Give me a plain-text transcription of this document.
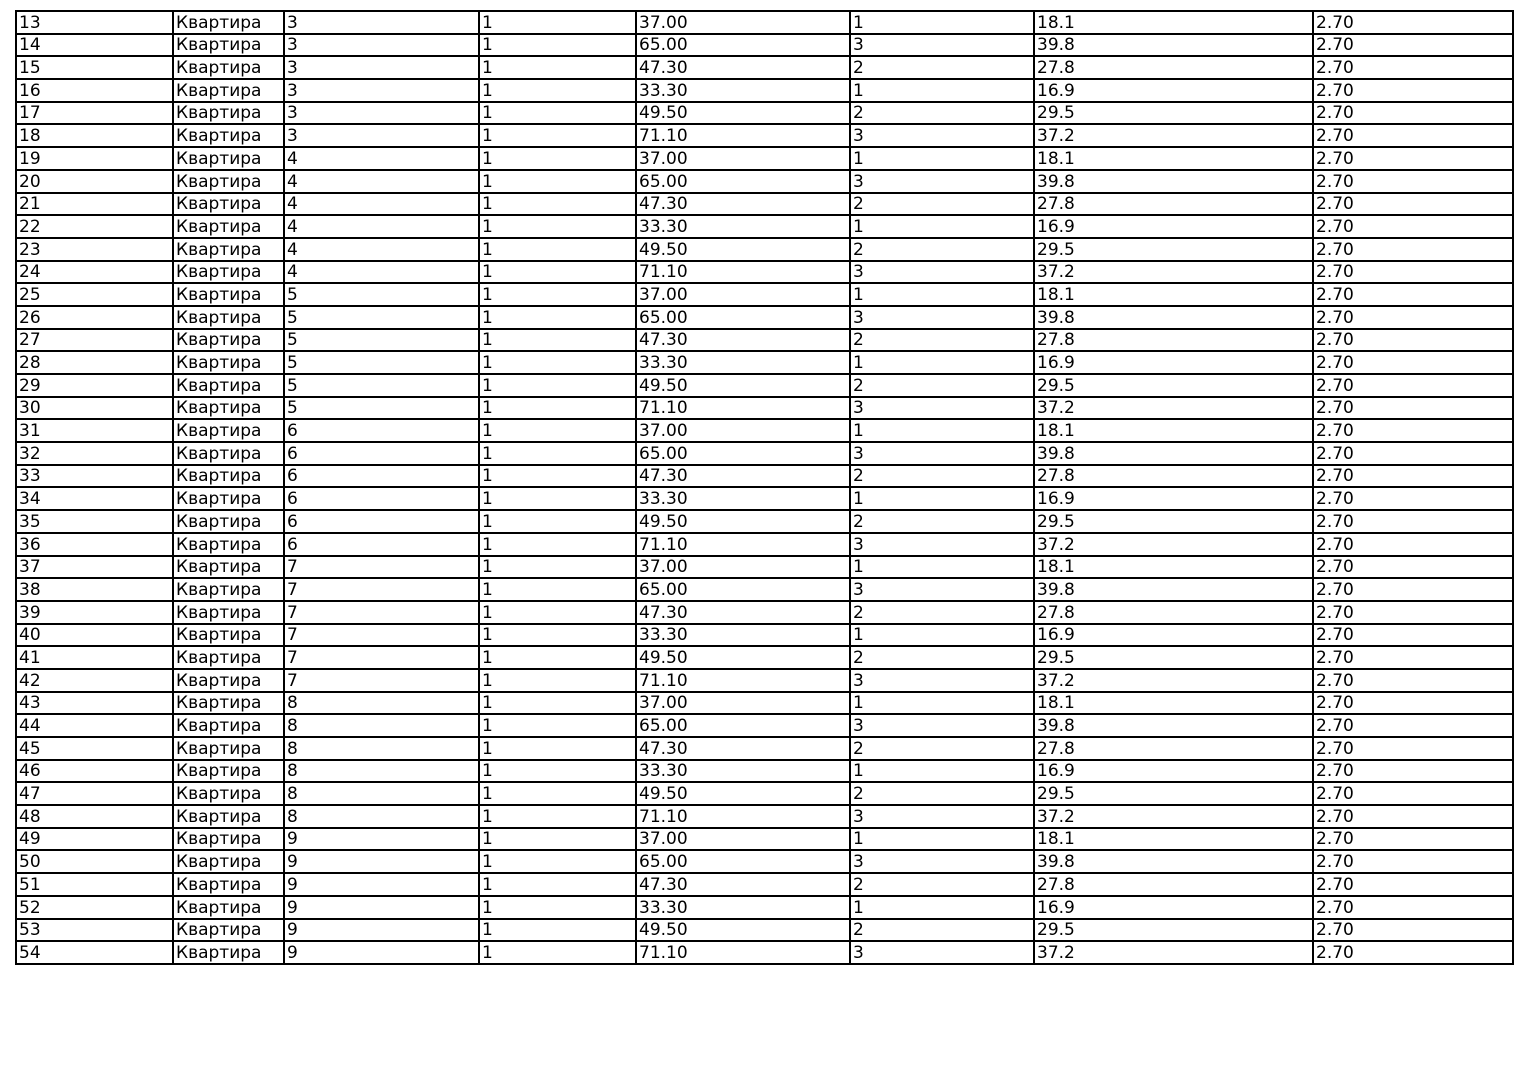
13	Квартира	3	1	37.00	1	18.1	2.70
14	Квартира	3	1	65.00	3	39.8	2.70
15	Квартира	3	1	47.30	2	27.8	2.70
16	Квартира	3	1	33.30	1	16.9	2.70
17	Квартира	3	1	49.50	2	29.5	2.70
18	Квартира	3	1	71.10	3	37.2	2.70
19	Квартира	4	1	37.00	1	18.1	2.70
20	Квартира	4	1	65.00	3	39.8	2.70
21	Квартира	4	1	47.30	2	27.8	2.70
22	Квартира	4	1	33.30	1	16.9	2.70
23	Квартира	4	1	49.50	2	29.5	2.70
24	Квартира	4	1	71.10	3	37.2	2.70
25	Квартира	5	1	37.00	1	18.1	2.70
26	Квартира	5	1	65.00	3	39.8	2.70
27	Квартира	5	1	47.30	2	27.8	2.70
28	Квартира	5	1	33.30	1	16.9	2.70
29	Квартира	5	1	49.50	2	29.5	2.70
30	Квартира	5	1	71.10	3	37.2	2.70
31	Квартира	6	1	37.00	1	18.1	2.70
32	Квартира	6	1	65.00	3	39.8	2.70
33	Квартира	6	1	47.30	2	27.8	2.70
34	Квартира	6	1	33.30	1	16.9	2.70
35	Квартира	6	1	49.50	2	29.5	2.70
36	Квартира	6	1	71.10	3	37.2	2.70
37	Квартира	7	1	37.00	1	18.1	2.70
38	Квартира	7	1	65.00	3	39.8	2.70
39	Квартира	7	1	47.30	2	27.8	2.70
40	Квартира	7	1	33.30	1	16.9	2.70
41	Квартира	7	1	49.50	2	29.5	2.70
42	Квартира	7	1	71.10	3	37.2	2.70
43	Квартира	8	1	37.00	1	18.1	2.70
44	Квартира	8	1	65.00	3	39.8	2.70
45	Квартира	8	1	47.30	2	27.8	2.70
46	Квартира	8	1	33.30	1	16.9	2.70
47	Квартира	8	1	49.50	2	29.5	2.70
48	Квартира	8	1	71.10	3	37.2	2.70
49	Квартира	9	1	37.00	1	18.1	2.70
50	Квартира	9	1	65.00	3	39.8	2.70
51	Квартира	9	1	47.30	2	27.8	2.70
52	Квартира	9	1	33.30	1	16.9	2.70
53	Квартира	9	1	49.50	2	29.5	2.70
54	Квартира	9	1	71.10	3	37.2	2.70
